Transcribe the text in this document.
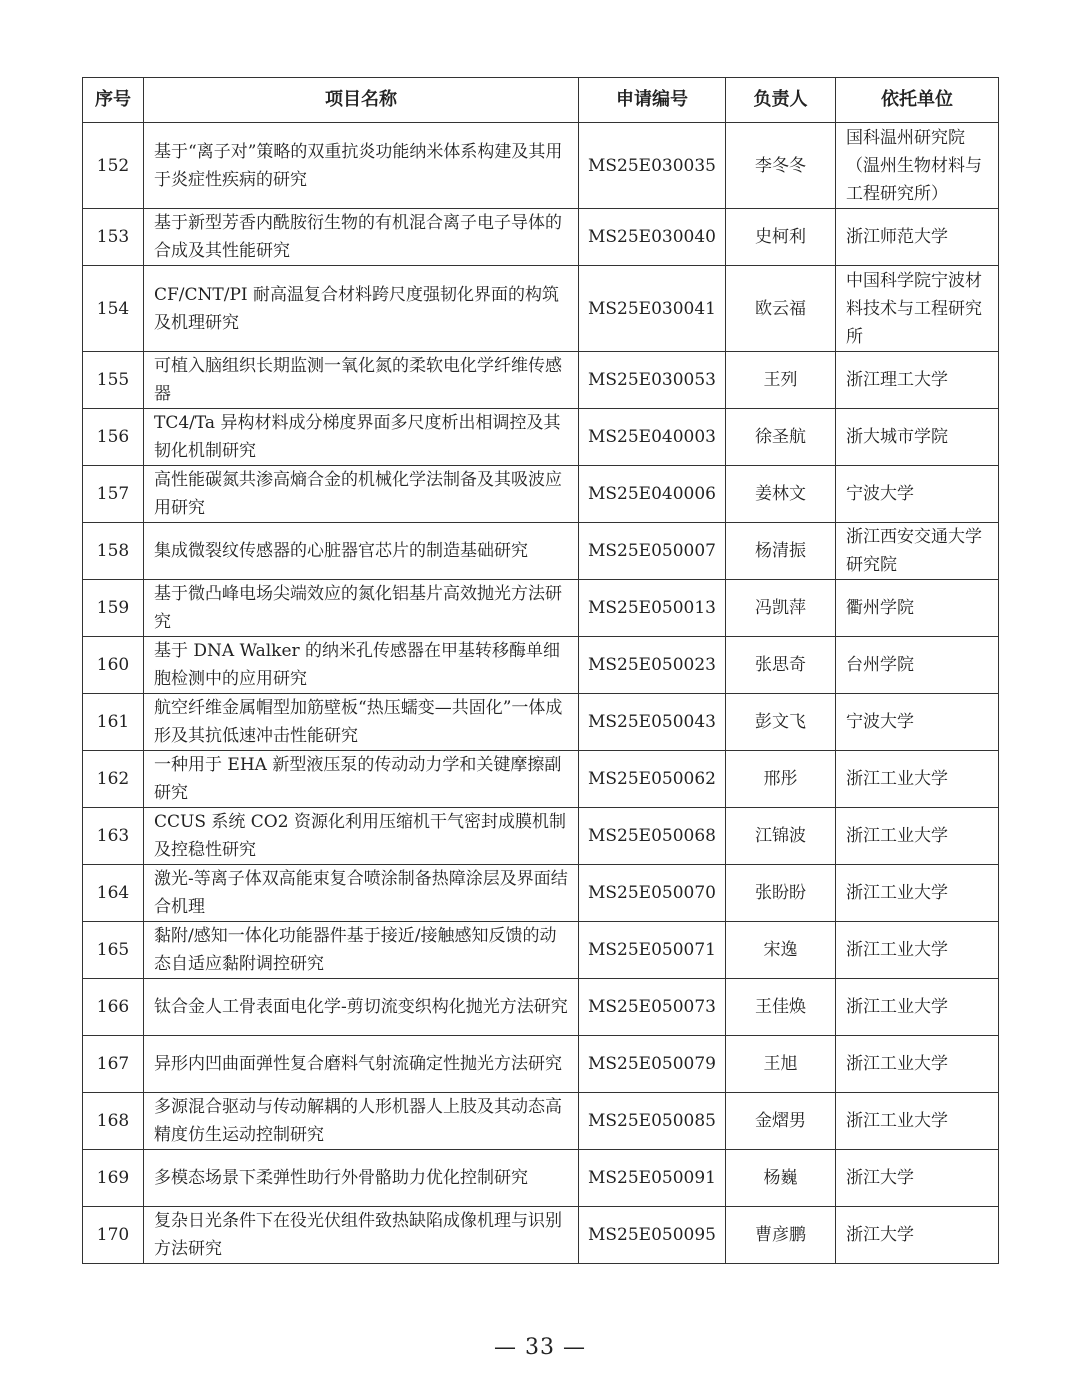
序号	项目名称	申请编号	负责人	依托单位
152	基于“离子对”策略的双重抗炎功能纳米体系构建及其用于炎症性疾病的研究	MS25E030035	李冬冬	国科温州研究院（温州生物材料与工程研究所）
153	基于新型芳香内酰胺衍生物的有机混合离子电子导体的合成及其性能研究	MS25E030040	史柯利	浙江师范大学
154	CF/CNT/PI 耐高温复合材料跨尺度强韧化界面的构筑及机理研究	MS25E030041	欧云福	中国科学院宁波材料技术与工程研究所
155	可植入脑组织长期监测一氧化氮的柔软电化学纤维传感器	MS25E030053	王列	浙江理工大学
156	TC4/Ta 异构材料成分梯度界面多尺度析出相调控及其韧化机制研究	MS25E040003	徐圣航	浙大城市学院
157	高性能碳氮共渗高熵合金的机械化学法制备及其吸波应用研究	MS25E040006	姜林文	宁波大学
158	集成微裂纹传感器的心脏器官芯片的制造基础研究	MS25E050007	杨清振	浙江西安交通大学研究院
159	基于微凸峰电场尖端效应的氮化铝基片高效抛光方法研究	MS25E050013	冯凯萍	衢州学院
160	基于 DNA Walker 的纳米孔传感器在甲基转移酶单细胞检测中的应用研究	MS25E050023	张思奇	台州学院
161	航空纤维金属帽型加筋壁板“热压蠕变—共固化”一体成形及其抗低速冲击性能研究	MS25E050043	彭文飞	宁波大学
162	一种用于 EHA 新型液压泵的传动动力学和关键摩擦副研究	MS25E050062	邢彤	浙江工业大学
163	CCUS 系统 CO2 资源化利用压缩机干气密封成膜机制及控稳性研究	MS25E050068	江锦波	浙江工业大学
164	激光-等离子体双高能束复合喷涂制备热障涂层及界面结合机理	MS25E050070	张盼盼	浙江工业大学
165	黏附/感知一体化功能器件基于接近/接触感知反馈的动态自适应黏附调控研究	MS25E050071	宋逸	浙江工业大学
166	钛合金人工骨表面电化学-剪切流变织构化抛光方法研究	MS25E050073	王佳焕	浙江工业大学
167	异形内凹曲面弹性复合磨料气射流确定性抛光方法研究	MS25E050079	王旭	浙江工业大学
168	多源混合驱动与传动解耦的人形机器人上肢及其动态高精度仿生运动控制研究	MS25E050085	金熠男	浙江工业大学
169	多模态场景下柔弹性助行外骨骼助力优化控制研究	MS25E050091	杨巍	浙江大学
170	复杂日光条件下在役光伏组件致热缺陷成像机理与识别方法研究	MS25E050095	曹彦鹏	浙江大学
— 33 —
